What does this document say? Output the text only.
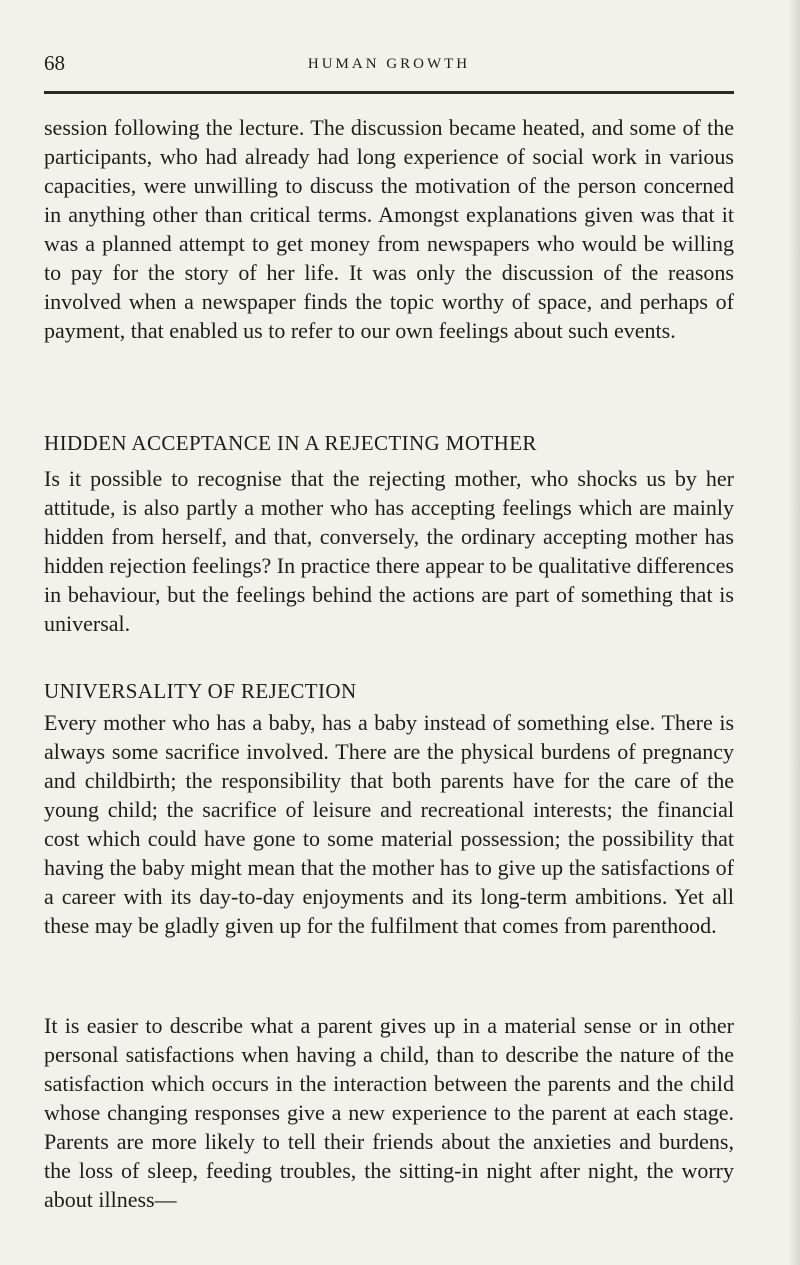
68	HUMAN GROWTH
session following the lecture. The discussion became heated, and some of the participants, who had already had long experience of social work in various capacities, were unwilling to discuss the motivation of the person concerned in anything other than critical terms. Amongst explanations given was that it was a planned attempt to get money from newspapers who would be willing to pay for the story of her life. It was only the discussion of the reasons involved when a newspaper finds the topic worthy of space, and perhaps of payment, that enabled us to refer to our own feelings about such events.
HIDDEN ACCEPTANCE IN A REJECTING MOTHER
Is it possible to recognise that the rejecting mother, who shocks us by her attitude, is also partly a mother who has accepting feelings which are mainly hidden from herself, and that, conversely, the ordinary accepting mother has hidden rejection feelings? In practice there appear to be qualitative differences in behaviour, but the feelings behind the actions are part of something that is universal.
UNIVERSALITY OF REJECTION
Every mother who has a baby, has a baby instead of something else. There is always some sacrifice involved. There are the physical burdens of pregnancy and childbirth; the responsibility that both parents have for the care of the young child; the sacrifice of leisure and recreational interests; the financial cost which could have gone to some material possession; the possibility that having the baby might mean that the mother has to give up the satisfactions of a career with its day-to-day enjoyments and its long-term ambitions. Yet all these may be gladly given up for the fulfilment that comes from parenthood.
It is easier to describe what a parent gives up in a material sense or in other personal satisfactions when having a child, than to describe the nature of the satisfaction which occurs in the interaction between the parents and the child whose changing responses give a new experience to the parent at each stage. Parents are more likely to tell their friends about the anxieties and burdens, the loss of sleep, feeding troubles, the sitting-in night after night, the worry about illness—
